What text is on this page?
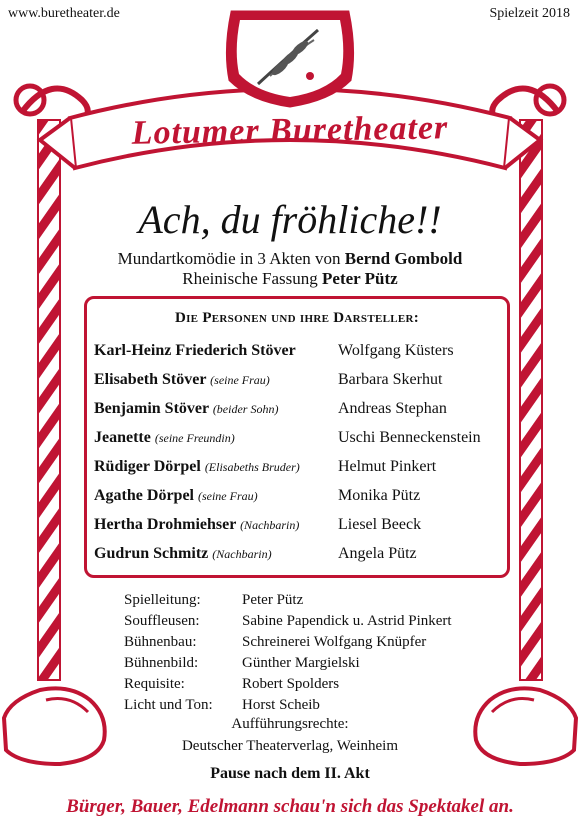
www.buretheater.de	Spielzeit 2018
Lotumer Buretheater
Ach, du fröhliche!!
Mundartkomödie in 3 Akten von Bernd Gombold
Rheinische Fassung Peter Pütz
Die Personen und ihre Darsteller:
Karl-Heinz Friederich Stöver	Wolfgang Küsters
Elisabeth Stöver (seine Frau)	Barbara Skerhut
Benjamin Stöver (beider Sohn)	Andreas Stephan
Jeanette (seine Freundin)	Uschi Benneckenstein
Rüdiger Dörpel (Elisabeths Bruder) Helmut Pinkert
Agathe Dörpel (seine Frau)	Monika Pütz
Hertha Drohmiehser (Nachbarin) Liesel Beeck
Gudrun Schmitz (Nachbarin)	Angela Pütz
Spielleitung:	Peter Pütz
Souffleusen:	Sabine Papendick u. Astrid Pinkert
Bühnenbau:	Schreinerei Wolfgang Knüpfer
Bühnenbild:	Günther Margielski
Requisite:	Robert Spolders
Licht und Ton: Horst Scheib
Aufführungsrechte:
Deutscher Theaterverlag, Weinheim
Pause nach dem II. Akt
Bürger, Bauer, Edelmann schau'n sich das Spektakel an.
